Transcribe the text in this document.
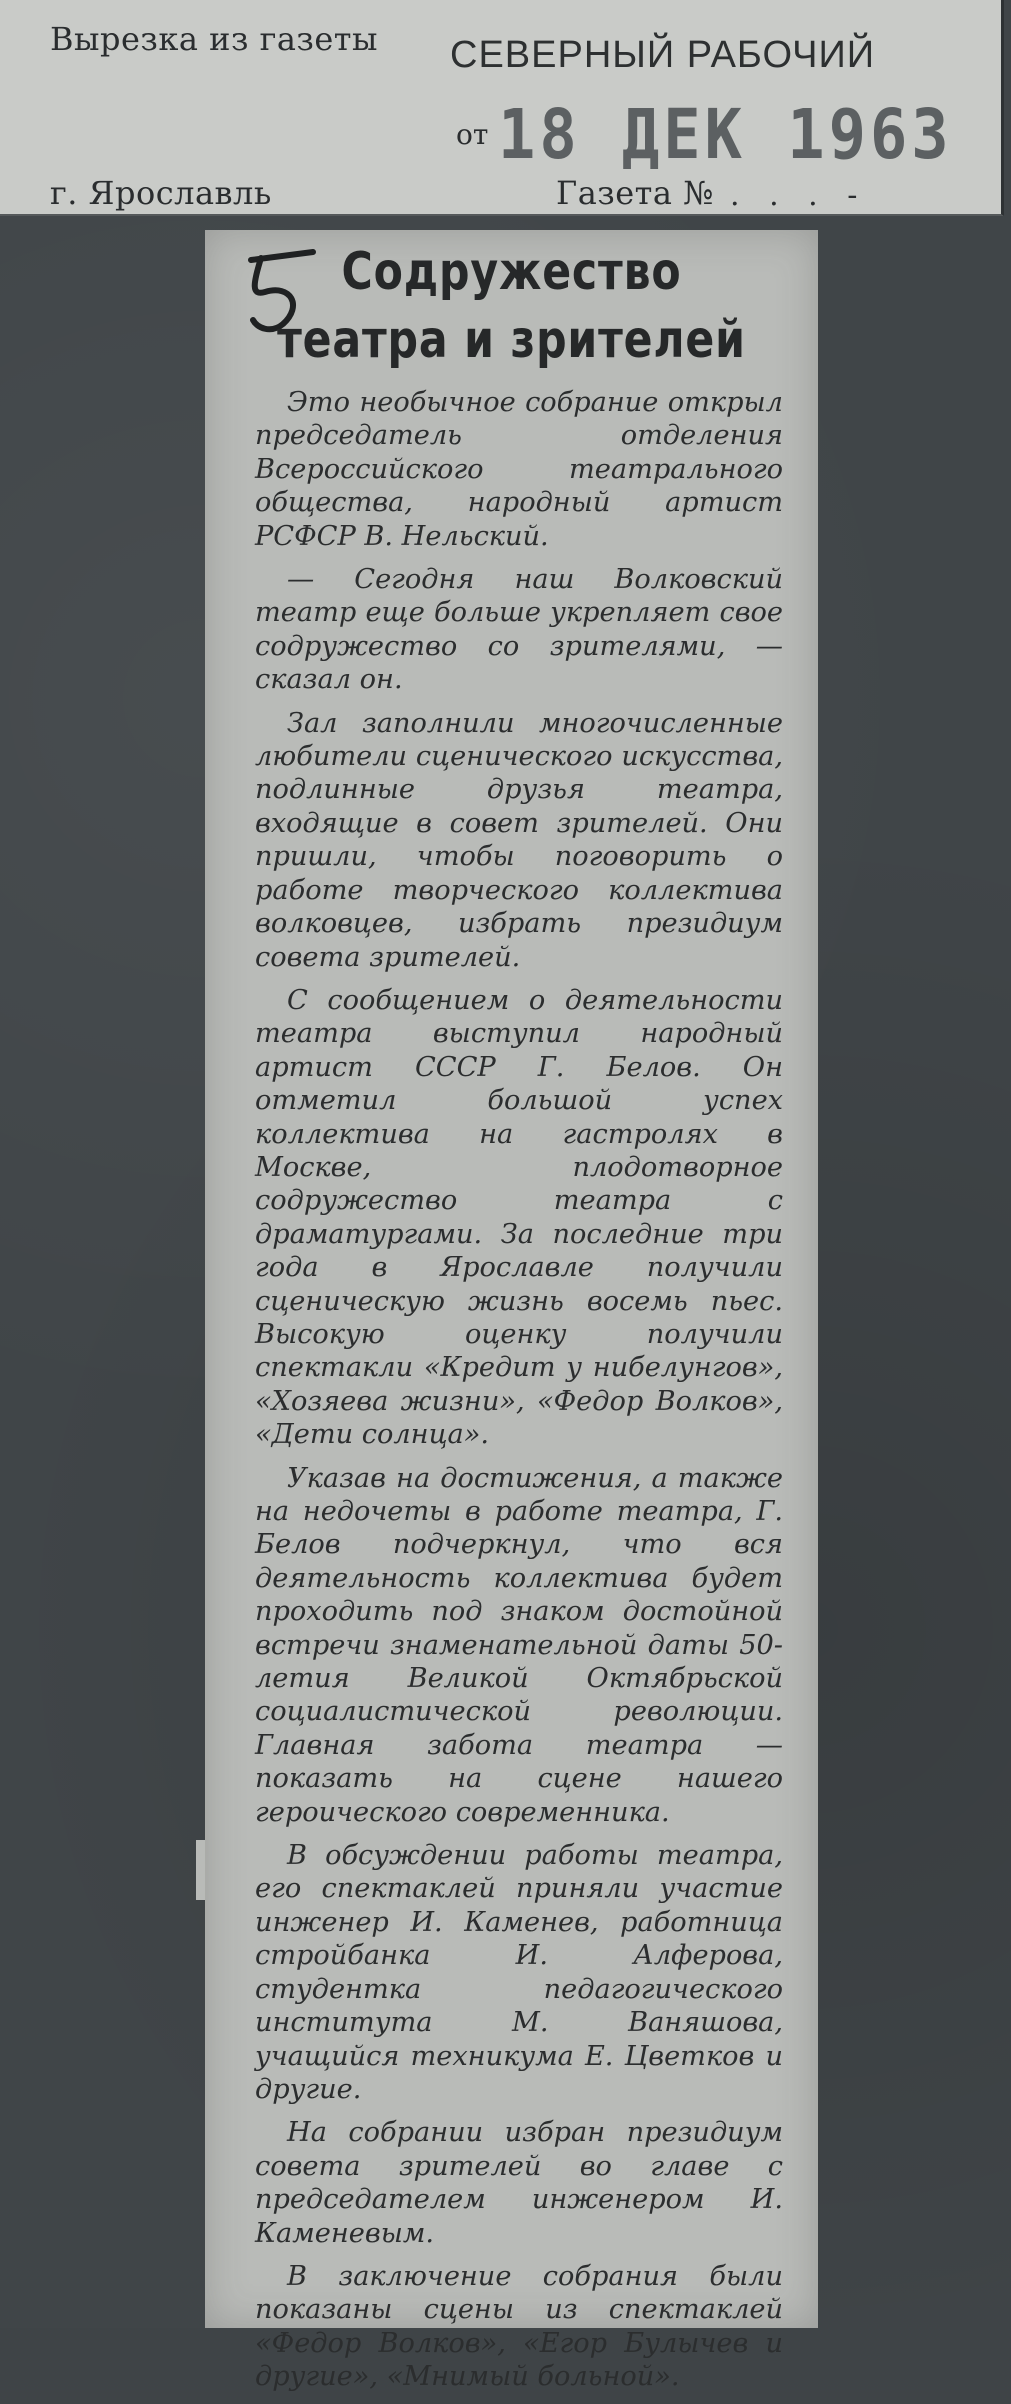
Вырезка из газеты СЕВЕРНЫЙ РАБОЧИЙ
от 18 ДЕК 1963
г. Ярославль	Газета № . . . -
Содружество
театра и зрителей

Это необычное собрание открыл председатель отделения Всероссийского театрального общества, народный артист РСФСР В. Нельский.

— Сегодня наш Волковский театр еще больше укрепляет свое содружество со зрителями, — сказал он.

Зал заполнили многочисленные любители сценического искусства, подлинные друзья театра, входящие в совет зрителей. Они пришли, чтобы поговорить о работе творческого коллектива волковцев, избрать президиум совета зрителей.

С сообщением о деятельности театра выступил народный артист СССР Г. Белов. Он отметил большой успех коллектива на гастролях в Москве, плодотворное содружество театра с драматургами. За последние три года в Ярославле получили сценическую жизнь восемь пьес. Высокую оценку получили спектакли «Кредит у нибелунгов», «Хозяева жизни», «Федор Волков», «Дети солнца».

Указав на достижения, а также на недочеты в работе театра, Г. Белов подчеркнул, что вся деятельность коллектива будет проходить под знаком достойной встречи знаменательной даты 50-летия Великой Октябрьской социалистической революции. Главная забота театра — показать на сцене нашего героического современника.

В обсуждении работы театра, его спектаклей приняли участие инженер И. Каменев, работница стройбанка И. Алферова, студентка педагогического института М. Ваняшова, учащийся техникума Е. Цветков и другие.

На собрании избран президиум совета зрителей во главе с председателем инженером И. Каменевым.

В заключение собрания были показаны сцены из спектаклей «Федор Волков», «Егор Булычев и другие», «Мнимый больной».
